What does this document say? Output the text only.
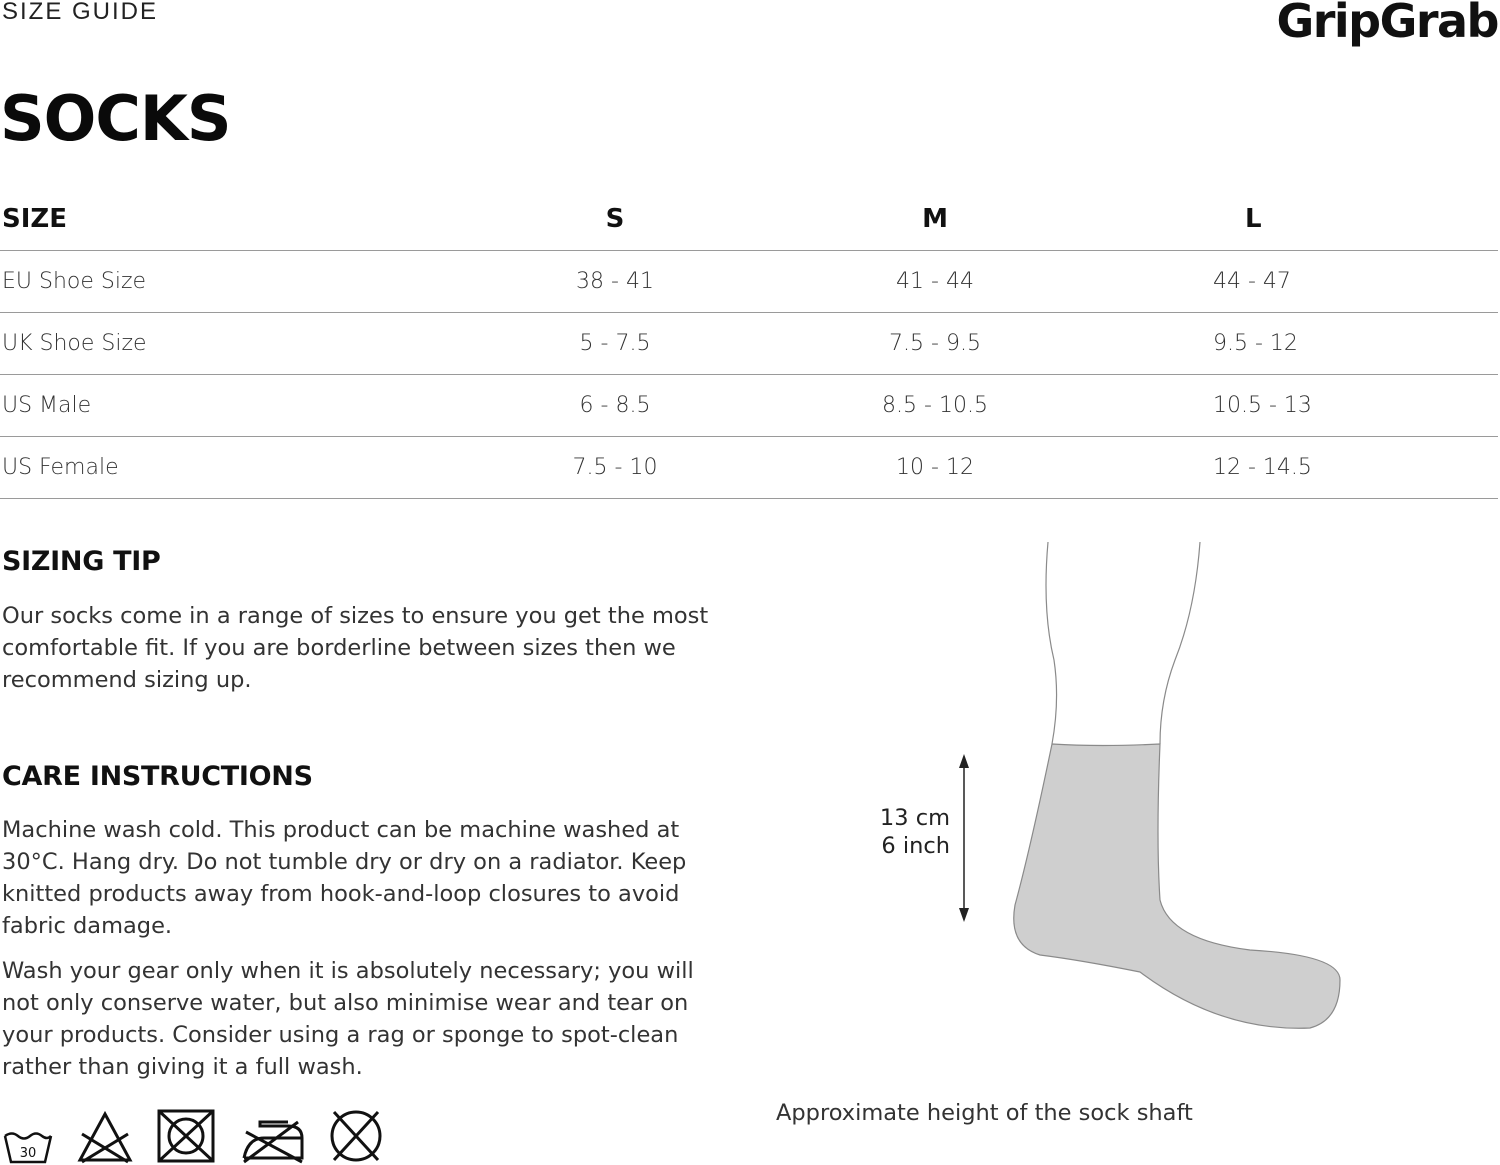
SIZE GUIDE	GripGrab
SOCKS
SIZE	S	M	L
EU Shoe Size	38 - 41	41 - 44	44 - 47
UK Shoe Size	5 - 7.5	7.5 - 9.5	9.5 - 12
US Male	6 - 8.5	8.5 - 10.5	10.5 - 13
US Female	7.5 - 10	10 - 12	12 - 14.5
SIZING TIP

Our socks come in a range of sizes to ensure you get the most comfortable fit. If you are borderline between sizes then we recommend sizing up.

CARE INSTRUCTIONS

Machine wash cold. This product can be machine washed at 30°C. Hang dry. Do not tumble dry or dry on a radiator. Keep knitted products away from hook-and-loop closures to avoid fabric damage.

Wash your gear only when it is absolutely necessary; you will not only conserve water, but also minimise wear and tear on your products. Consider using a rag or sponge to spot-clean rather than giving it a full wash.

30
13 cm
6 inch
Approximate height of the sock shaft
